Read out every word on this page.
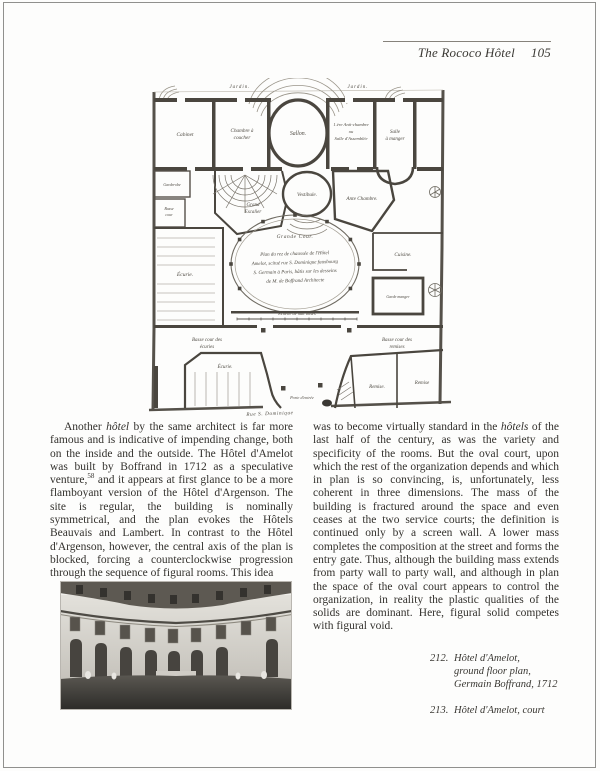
The Rococo Hôtel 105
Jardin.	Jardin.
Cabinet
Chambre à
coucher
Sallon.
1.ère Anti-chambre
ou
Salle d'Assemblée
Salle
à manger
Garderobe
Basse
cour
Grand
Escalier
Vestibule.
Ante Chambre.
Grande Cour.
Plan du rez de chaussée de l'Hôtel
Amelot, scitué rue S. Dominique fauxbourg
S. Germain à Paris, bâtis sur les desseins
de M. de Boffrand Architecte
Échelle de huit toises
Écurie.
Cuisine.
Garde manger
Basse cour des
écuries
Basse cour des
remises
Écurie.
Porte d'entrée
Remise.
Remise
Rue S. Dominique

Another hôtel by the same architect is far more famous and is indicative of impending change, both on the inside and the outside. The Hôtel d'Amelot was built by Boffrand in 1712 as a speculative venture,$^{58}$ and it appears at first glance to be a more flamboyant version of the Hôtel d'Argenson. The site is regular, the building is nominally symmetrical, and the plan evokes the Hôtels Beauvais and Lambert. In contrast to the Hôtel d'Argenson, however, the central axis of the plan is blocked, forcing a counterclockwise progression through the sequence of figural rooms. This idea

was to become virtually standard in the hôtels of the last half of the century, as was the variety and specificity of the rooms. But the oval court, upon which the rest of the organization depends and which in plan is so convincing, is, unfortunately, less coherent in three dimensions. The mass of the building is fractured around the space and even ceases at the two service courts; the definition is continued only by a screen wall. A lower mass completes the composition at the street and forms the entry gate. Thus, although the building mass extends from party wall to party wall, and although in plan the space of the oval court appears to control the organization, in reality the plastic qualities of the solids are dominant. Here, figural solid competes with figural void.

212. Hôtel d'Amelot,
ground floor plan,
Germain Boffrand, 1712
213. Hôtel d'Amelot, court
